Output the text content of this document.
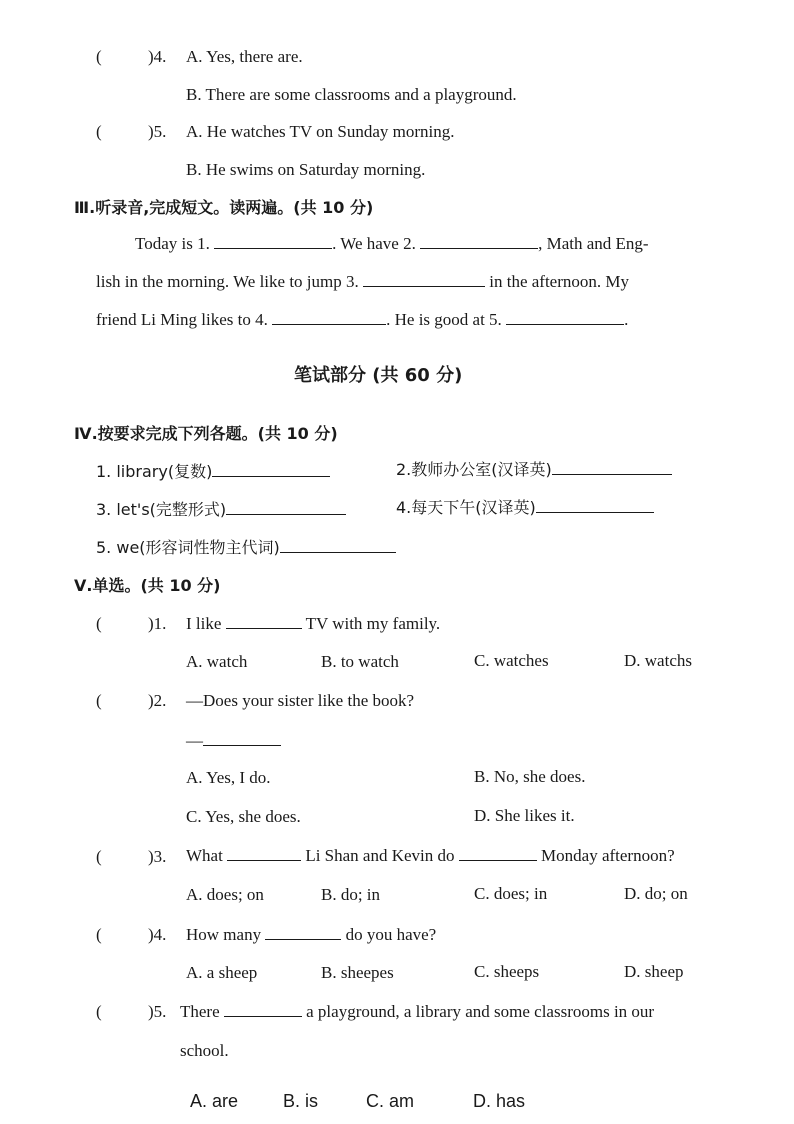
(	)4. A. Yes, there are.
B. There are some classrooms and a playground.
(	)5. A. He watches TV on Sunday morning.
B. He swims on Saturday morning.
Ⅲ.听录音,完成短文。读两遍。(共 10 分)
Today is 1.	. We have 2.	, Math and Eng-
lish in the morning. We like to jump 3.	in the afternoon. My
friend Li Ming likes to 4.	. He is good at 5.	.
笔试部分 (共 60 分)
Ⅳ.按要求完成下列各题。(共 10 分)
1. library(复数)	2.教师办公室(汉译英)
3. let's(完整形式)	4.每天下午(汉译英)
5. we(形容词性物主代词)
Ⅴ.单选。(共 10 分)
(	)1. I like	TV with my family.
A. watch	B. to watch	C. watches	D. watchs
(	)2. —Does your sister like the book?
—
A. Yes, I do.	B. No, she does.
C. Yes, she does.	D. She likes it.
(	)3. What	Li Shan and Kevin do	Monday afternoon?
A. does; on	B. do; in	C. does; in	D. do; on
(	)4. How many	do you have?
A. a sheep	B. sheepes	C. sheeps	D. sheep
(	)5. There	a playground, a library and some classrooms in our
school.
A. are B. is	C. am	D. has
